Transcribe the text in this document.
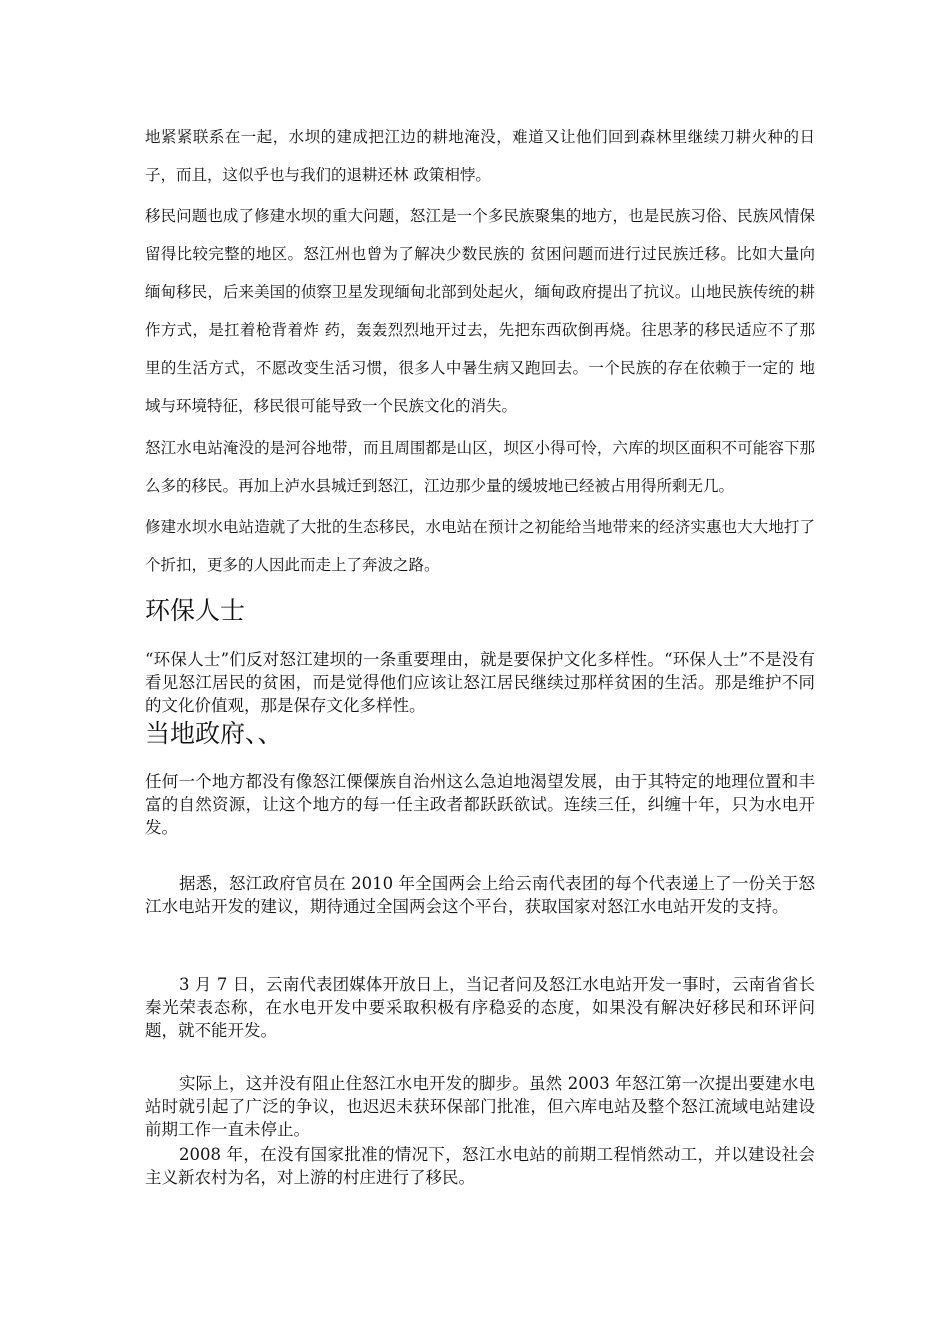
地紧紧联系在一起，水坝的建成把江边的耕地淹没，难道又让他们回到森林里继续刀耕火种的日子，而且，这似乎也与我们的退耕还林 政策相悖。

移民问题也成了修建水坝的重大问题，怒江是一个多民族聚集的地方，也是民族习俗、民族风情保留得比较完整的地区。怒江州也曾为了解决少数民族的 贫困问题而进行过民族迁移。比如大量向缅甸移民，后来美国的侦察卫星发现缅甸北部到处起火，缅甸政府提出了抗议。山地民族传统的耕作方式，是扛着枪背着炸 药，轰轰烈烈地开过去，先把东西砍倒再烧。往思茅的移民适应不了那里的生活方式，不愿改变生活习惯，很多人中暑生病又跑回去。一个民族的存在依赖于一定的 地域与环境特征，移民很可能导致一个民族文化的消失。

怒江水电站淹没的是河谷地带，而且周围都是山区，坝区小得可怜，六库的坝区面积不可能容下那么多的移民。再加上泸水县城迁到怒江，江边那少量的缓坡地已经被占用得所剩无几。

修建水坝水电站造就了大批的生态移民，水电站在预计之初能给当地带来的经济实惠也大大地打了个折扣，更多的人因此而走上了奔波之路。

环保人士

“环保人士”们反对怒江建坝的一条重要理由，就是要保护文化多样性。“环保人士”不是没有看见怒江居民的贫困，而是觉得他们应该让怒江居民继续过那样贫困的生活。那是维护不同的文化价值观，那是保存文化多样性。

当地政府、、

任何一个地方都没有像怒江傈僳族自治州这么急迫地渴望发展，由于其特定的地理位置和丰富的自然资源，让这个地方的每一任主政者都跃跃欲试。连续三任，纠缠十年，只为水电开发。

据悉，怒江政府官员在 2010 年全国两会上给云南代表团的每个代表递上了一份关于怒江水电站开发的建议，期待通过全国两会这个平台，获取国家对怒江水电站开发的支持。

3 月 7 日，云南代表团媒体开放日上，当记者问及怒江水电站开发一事时，云南省省长秦光荣表态称，在水电开发中要采取积极有序稳妥的态度，如果没有解决好移民和环评问题，就不能开发。

实际上，这并没有阻止住怒江水电开发的脚步。虽然 2003 年怒江第一次提出要建水电站时就引起了广泛的争议，也迟迟未获环保部门批准，但六库电站及整个怒江流域电站建设前期工作一直未停止。

2008 年，在没有国家批准的情况下，怒江水电站的前期工程悄然动工，并以建设社会主义新农村为名，对上游的村庄进行了移民。
